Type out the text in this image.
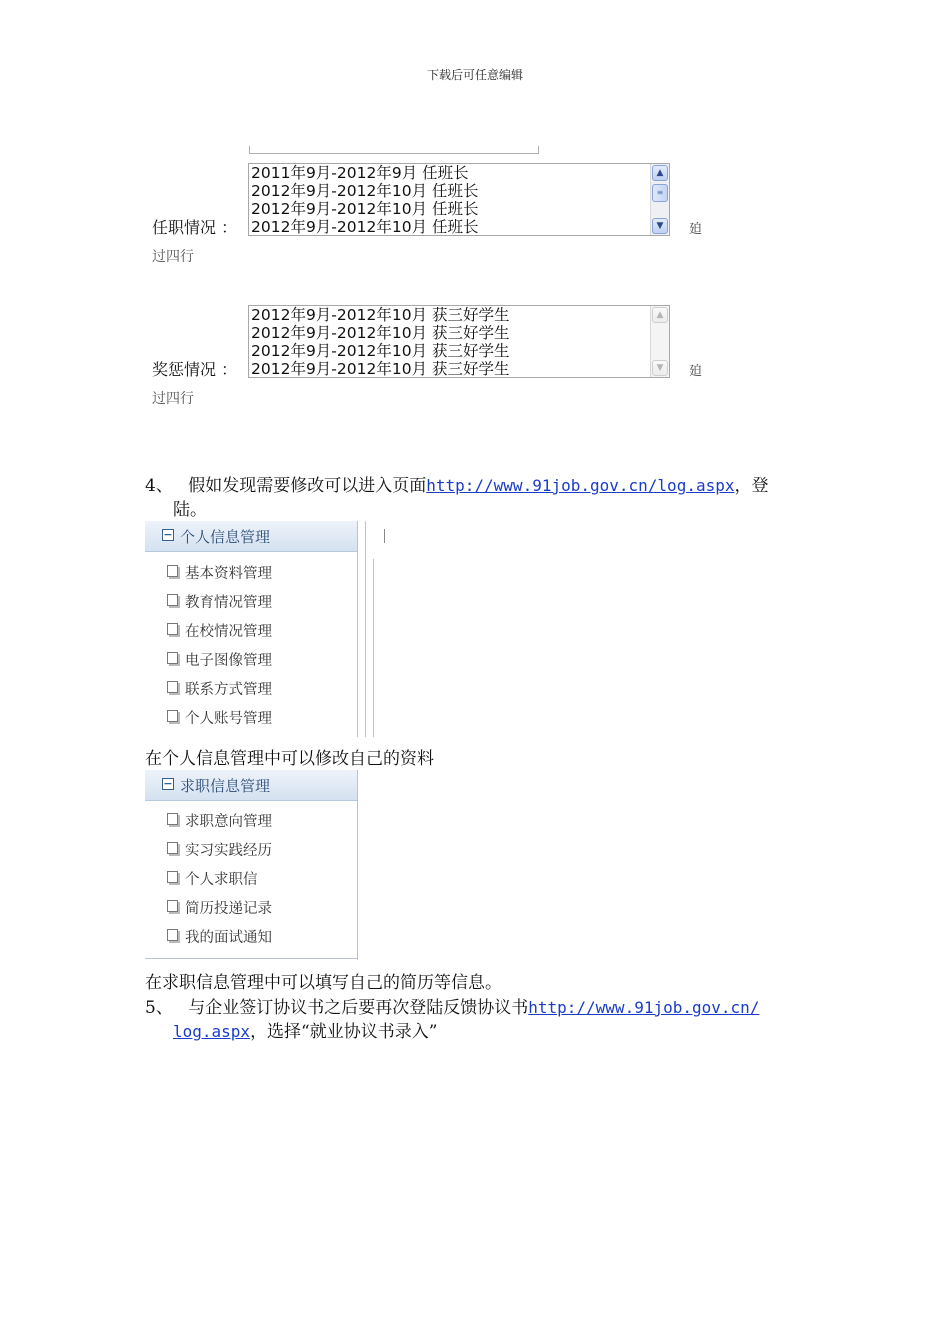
下载后可任意编辑
任职情况 ：
2011年9月-2012年9月 任班长
2012年9月-2012年10月 任班长
2012年9月-2012年10月 任班长
2012年9月-2012年10月 任班长
▲
≡
▼	廹
过四行
奖惩情况 ：
2012年9月-2012年10月 获三好学生
2012年9月-2012年10月 获三好学生
2012年9月-2012年10月 获三好学生
2012年9月-2012年10月 获三好学生
▲
▼	廹
过四行
4、 假如发现需要修改可以进入页面http://www.91job.gov.cn/log.aspx，登
陆。
− 个人信息管理
基本资料管理
教育情况管理
在校情况管理
电子图像管理
联系方式管理
个人账号管理
在个人信息管理中可以修改自己的资料
− 求职信息管理
求职意向管理
实习实践经历
个人求职信
简历投递记录
我的面试通知
在求职信息管理中可以填写自己的简历等信息。
5、 与企业签订协议书之后要再次登陆反馈协议书http://www.91job.gov.cn/
log.aspx，选择“就业协议书录入”
